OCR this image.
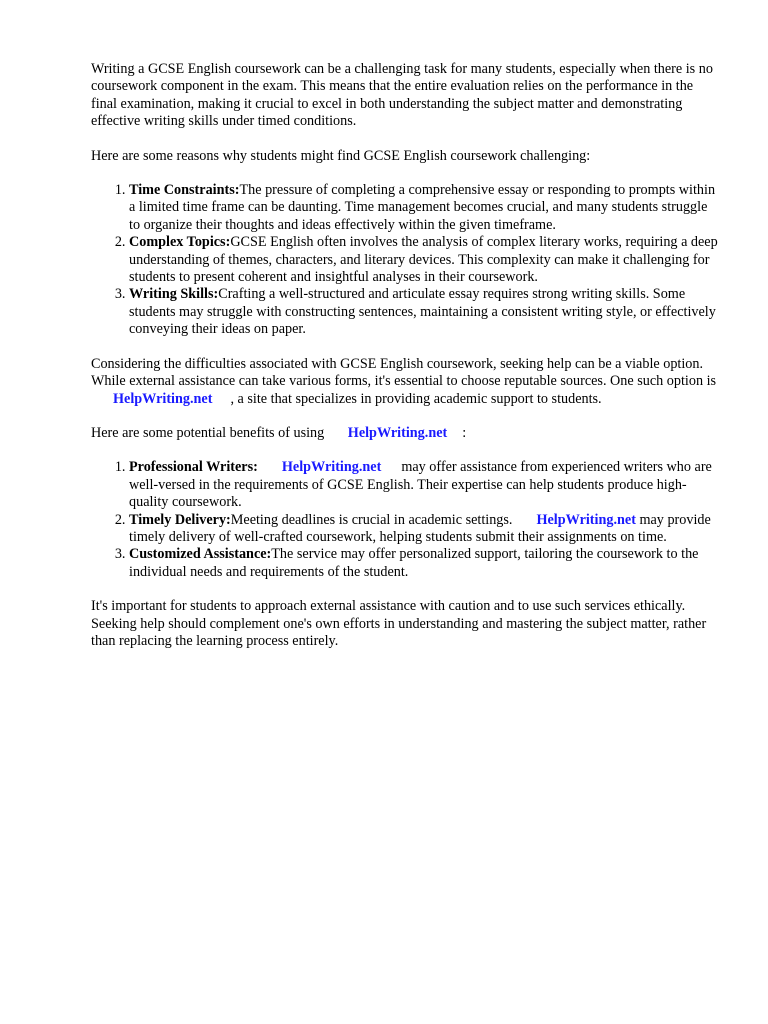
Writing a GCSE English coursework can be a challenging task for many students, especially when there is no coursework component in the exam. This means that the entire evaluation relies on the performance in the final examination, making it crucial to excel in both understanding the subject matter and demonstrating effective writing skills under timed conditions.

Here are some reasons why students might find GCSE English coursework challenging:

1. Time Constraints:The pressure of completing a comprehensive essay or responding to prompts within a limited time frame can be daunting. Time management becomes crucial, and many students struggle to organize their thoughts and ideas effectively within the given timeframe.
2. Complex Topics:GCSE English often involves the analysis of complex literary works, requiring a deep understanding of themes, characters, and literary devices. This complexity can make it challenging for students to present coherent and insightful analyses in their coursework.
3. Writing Skills:Crafting a well-structured and articulate essay requires strong writing skills. Some students may struggle with constructing sentences, maintaining a consistent writing style, or effectively conveying their ideas on paper.

Considering the difficulties associated with GCSE English coursework, seeking help can be a viable option. While external assistance can take various forms, it's essential to choose reputable sources. One such option is HelpWriting.net , a site that specializes in providing academic support to students.

Here are some potential benefits of using HelpWriting.net :

1. Professional Writers: HelpWriting.net may offer assistance from experienced writers who are well-versed in the requirements of GCSE English. Their expertise can help students produce high-quality coursework.
2. Timely Delivery:Meeting deadlines is crucial in academic settings. HelpWriting.net may provide timely delivery of well-crafted coursework, helping students submit their assignments on time.
3. Customized Assistance:The service may offer personalized support, tailoring the coursework to the individual needs and requirements of the student.

It's important for students to approach external assistance with caution and to use such services ethically. Seeking help should complement one's own efforts in understanding and mastering the subject matter, rather than replacing the learning process entirely.
